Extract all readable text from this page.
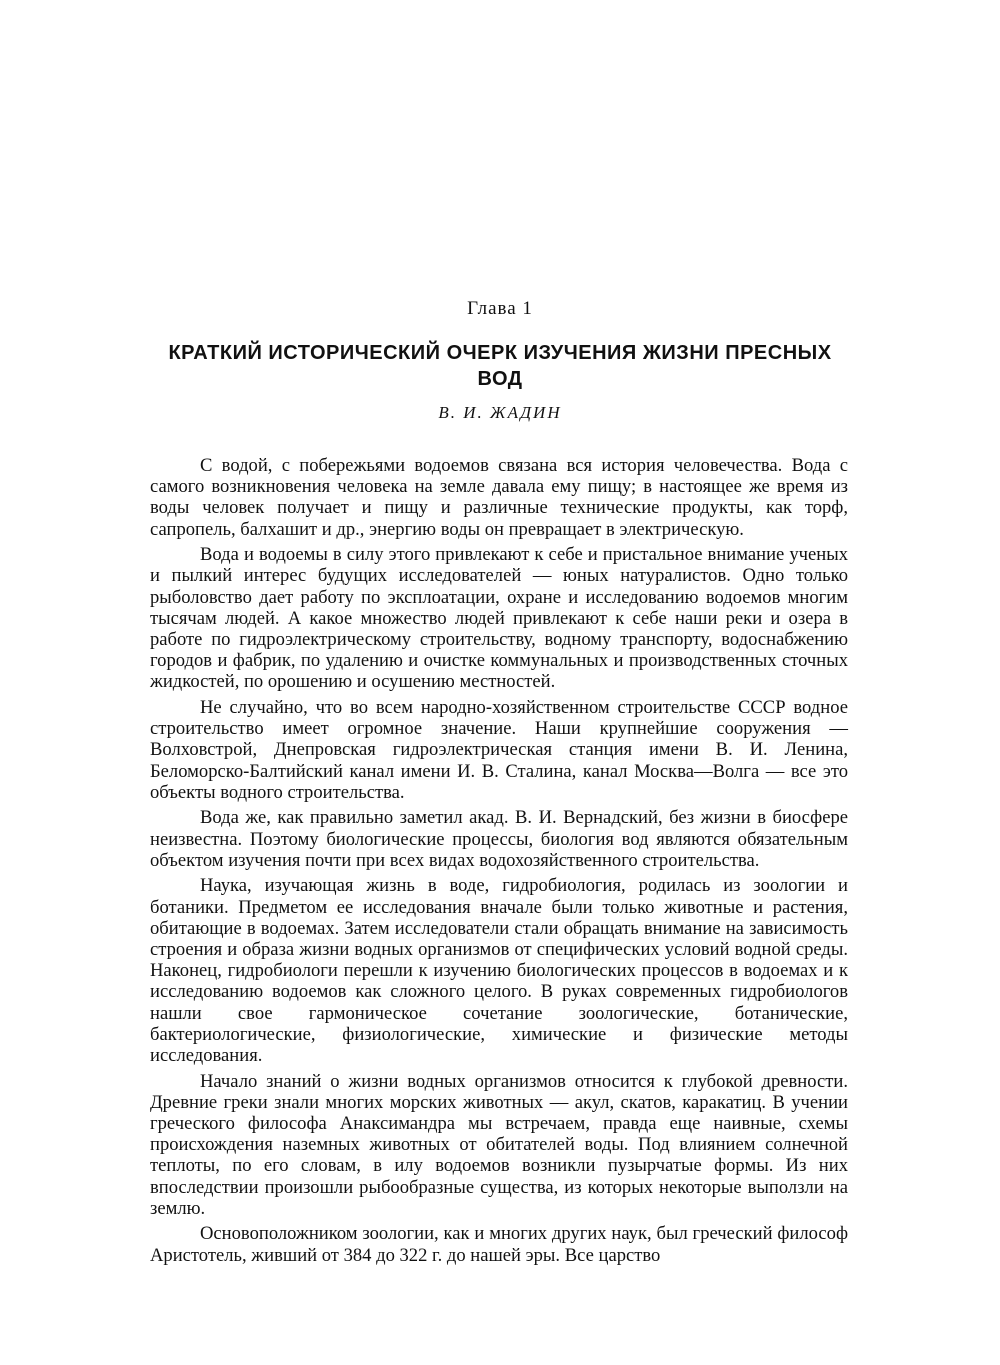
Глава 1
КРАТКИЙ ИСТОРИЧЕСКИЙ ОЧЕРК ИЗУЧЕНИЯ ЖИЗНИ ПРЕСНЫХ ВОД
В. И. ЖАДИН

С водой, с побережьями водоемов связана вся история человечества. Вода с самого возникновения человека на земле давала ему пищу; в настоящее же время из воды человек получает и пищу и различные технические продукты, как торф, сапропель, балхашит и др., энергию воды он превращает в электрическую.

Вода и водоемы в силу этого привлекают к себе и пристальное внимание ученых и пылкий интерес будущих исследователей — юных натуралистов. Одно только рыболовство дает работу по эксплоатации, охране и исследованию водоемов многим тысячам людей. А какое множество людей привлекают к себе наши реки и озера в работе по гидроэлектрическому строительству, водному транспорту, водоснабжению городов и фабрик, по удалению и очистке коммунальных и производственных сточных жидкостей, по орошению и осушению местностей.

Не случайно, что во всем народно-хозяйственном строительстве СССР водное строительство имеет огромное значение. Наши крупнейшие сооружения — Волховстрой, Днепровская гидроэлектрическая станция имени В. И. Ленина, Беломорско-Балтийский канал имени И. В. Сталина, канал Москва—Волга — все это объекты водного строительства.

Вода же, как правильно заметил акад. В. И. Вернадский, без жизни в биосфере неизвестна. Поэтому биологические процессы, биология вод являются обязательным объектом изучения почти при всех видах водохозяйственного строительства.

Наука, изучающая жизнь в воде, гидробиология, родилась из зоологии и ботаники. Предметом ее исследования вначале были только животные и растения, обитающие в водоемах. Затем исследователи стали обращать внимание на зависимость строения и образа жизни водных организмов от специфических условий водной среды. Наконец, гидробиологи перешли к изучению биологических процессов в водоемах и к исследованию водоемов как сложного целого. В руках современных гидробиологов нашли свое гармоническое сочетание зоологические, ботанические, бактериологические, физиологические, химические и физические методы исследования.

Начало знаний о жизни водных организмов относится к глубокой древности. Древние греки знали многих морских животных — акул, скатов, каракатиц. В учении греческого философа Анаксимандра мы встречаем, правда еще наивные, схемы происхождения наземных животных от обитателей воды. Под влиянием солнечной теплоты, по его словам, в илу водоемов возникли пузырчатые формы. Из них впоследствии произошли рыбообразные существа, из которых некоторые выползли на землю.

Основоположником зоологии, как и многих других наук, был греческий философ Аристотель, живший от 384 до 322 г. до нашей эры. Все царство
